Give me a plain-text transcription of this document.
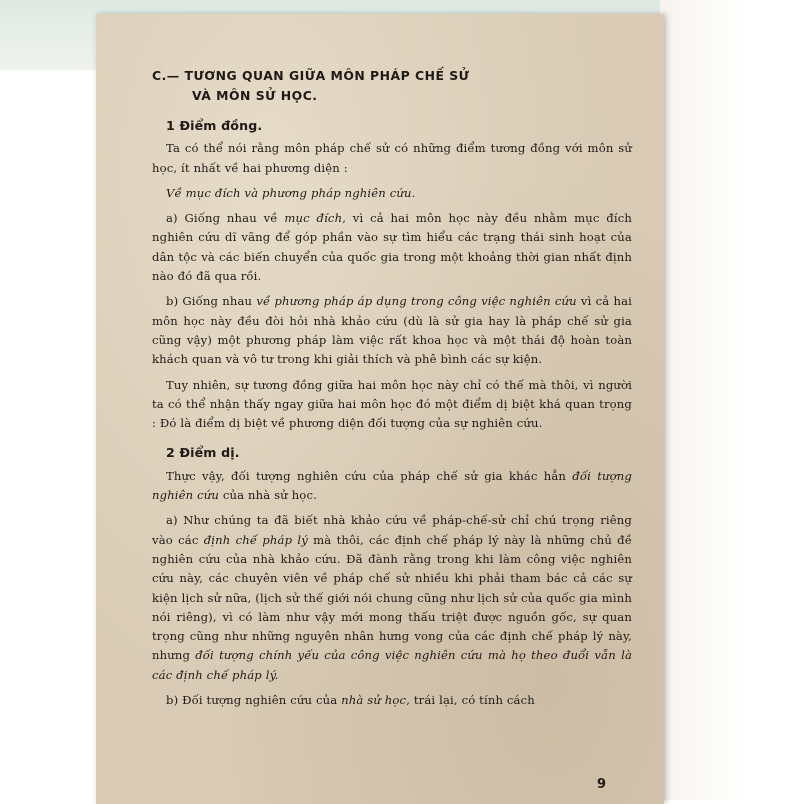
C.— TƯƠNG QUAN GIỮA MÔN PHÁP CHẾ SỬ
VÀ MÔN SỬ HỌC.
1 Điểm đồng.

Ta có thể nói rằng môn pháp chế sử có những điểm tương đồng với môn sử học, ít nhất về hai phương diện :

Về mục đích và phương pháp nghiên cứu.

a) Giống nhau về mục đích, vì cả hai môn học này đều nhằm mục đích nghiên cứu dĩ vãng để góp phần vào sự tìm hiểu các trạng thái sinh hoạt của dân tộc và các biến chuyển của quốc gia trong một khoảng thời gian nhất định nào đó đã qua rồi.

b) Giống nhau về phương pháp áp dụng trong công việc nghiên cứu vì cả hai môn học này đều đòi hỏi nhà khảo cứu (dù là sử gia hay là pháp chế sử gia cũng vậy) một phương pháp làm việc rất khoa học và một thái độ hoàn toàn khách quan và vô tư trong khi giải thích và phê bình các sự kiện.

Tuy nhiên, sự tương đồng giữa hai môn học này chỉ có thế mà thôi, vì người ta có thể nhận thấy ngay giữa hai môn học đó một điểm dị biệt khá quan trọng : Đó là điểm dị biệt về phương diện đối tượng của sự nghiên cứu.

2 Điểm dị.

Thực vậy, đối tượng nghiên cứu của pháp chế sử gia khác hẳn đối tượng nghiên cứu của nhà sử học.

a) Như chúng ta đã biết nhà khảo cứu về pháp-chế-sử chỉ chú trọng riêng vào các định chế pháp lý mà thôi, các định chế pháp lý này là những chủ đề nghiên cứu của nhà khảo cứu. Đã đành rằng trong khi làm công việc nghiên cứu này, các chuyên viên về pháp chế sử nhiều khi phải tham bác cả các sự kiện lịch sử nữa, (lịch sử thế giới nói chung cũng như lịch sử của quốc gia mình nói riêng), vì có làm như vậy mới mong thấu triệt được nguồn gốc, sự quan trọng cũng như những nguyên nhân hưng vong của các định chế pháp lý này, nhưng đối tượng chính yếu của công việc nghiên cứu mà họ theo đuổi vẫn là các định chế pháp lý.

b) Đối tượng nghiên cứu của nhà sử học, trái lại, có tính cách

9
